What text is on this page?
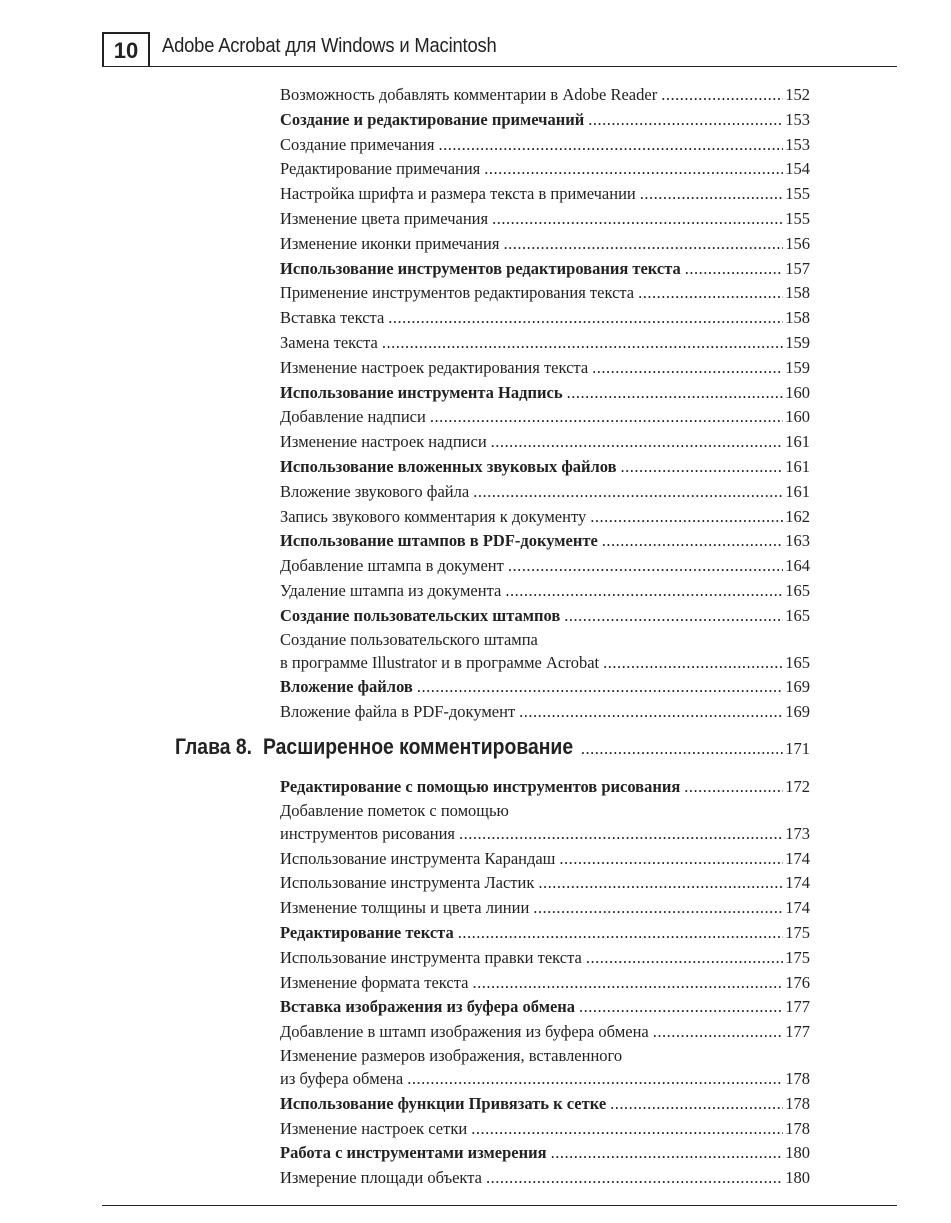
10	Adobe Acrobat для Windows и Macintosh
Возможность добавлять комментарии в Adobe Reader .....	152
Создание и редактирование примечаний .....	153
Создание примечания .....	153
Редактирование примечания .....	154
Настройка шрифта и размера текста в примечании .....	155
Изменение цвета примечания .....	155
Изменение иконки примечания .....	156
Использование инструментов редактирования текста .....	157
Применение инструментов редактирования текста .....	158
Вставка текста .....	158
Замена текста .....	159
Изменение настроек редактирования текста .....	159
Использование инструмента Надпись .....	160
Добавление надписи .....	160
Изменение настроек надписи .....	161
Использование вложенных звуковых файлов .....	161
Вложение звукового файла .....	161
Запись звукового комментария к документу .....	162
Использование штампов в PDF-документе .....	163
Добавление штампа в документ .....	164
Удаление штампа из документа .....	165
Создание пользовательских штампов .....	165
Создание пользовательского штампа
в программе Illustrator и в программе Acrobat .....	165
Вложение файлов .....	169
Вложение файла в PDF-документ .....	169
Глава 8. Расширенное комментирование .....	171
Редактирование с помощью инструментов рисования .....	172
Добавление пометок с помощью
инструментов рисования .....	173
Использование инструмента Карандаш .....	174
Использование инструмента Ластик .....	174
Изменение толщины и цвета линии .....	174
Редактирование текста .....	175
Использование инструмента правки текста .....	175
Изменение формата текста .....	176
Вставка изображения из буфера обмена .....	177
Добавление в штамп изображения из буфера обмена .....	177
Изменение размеров изображения, вставленного
из буфера обмена .....	178
Использование функции Привязать к сетке .....	178
Изменение настроек сетки .....	178
Работа с инструментами измерения .....	180
Измерение площади объекта .....	180
